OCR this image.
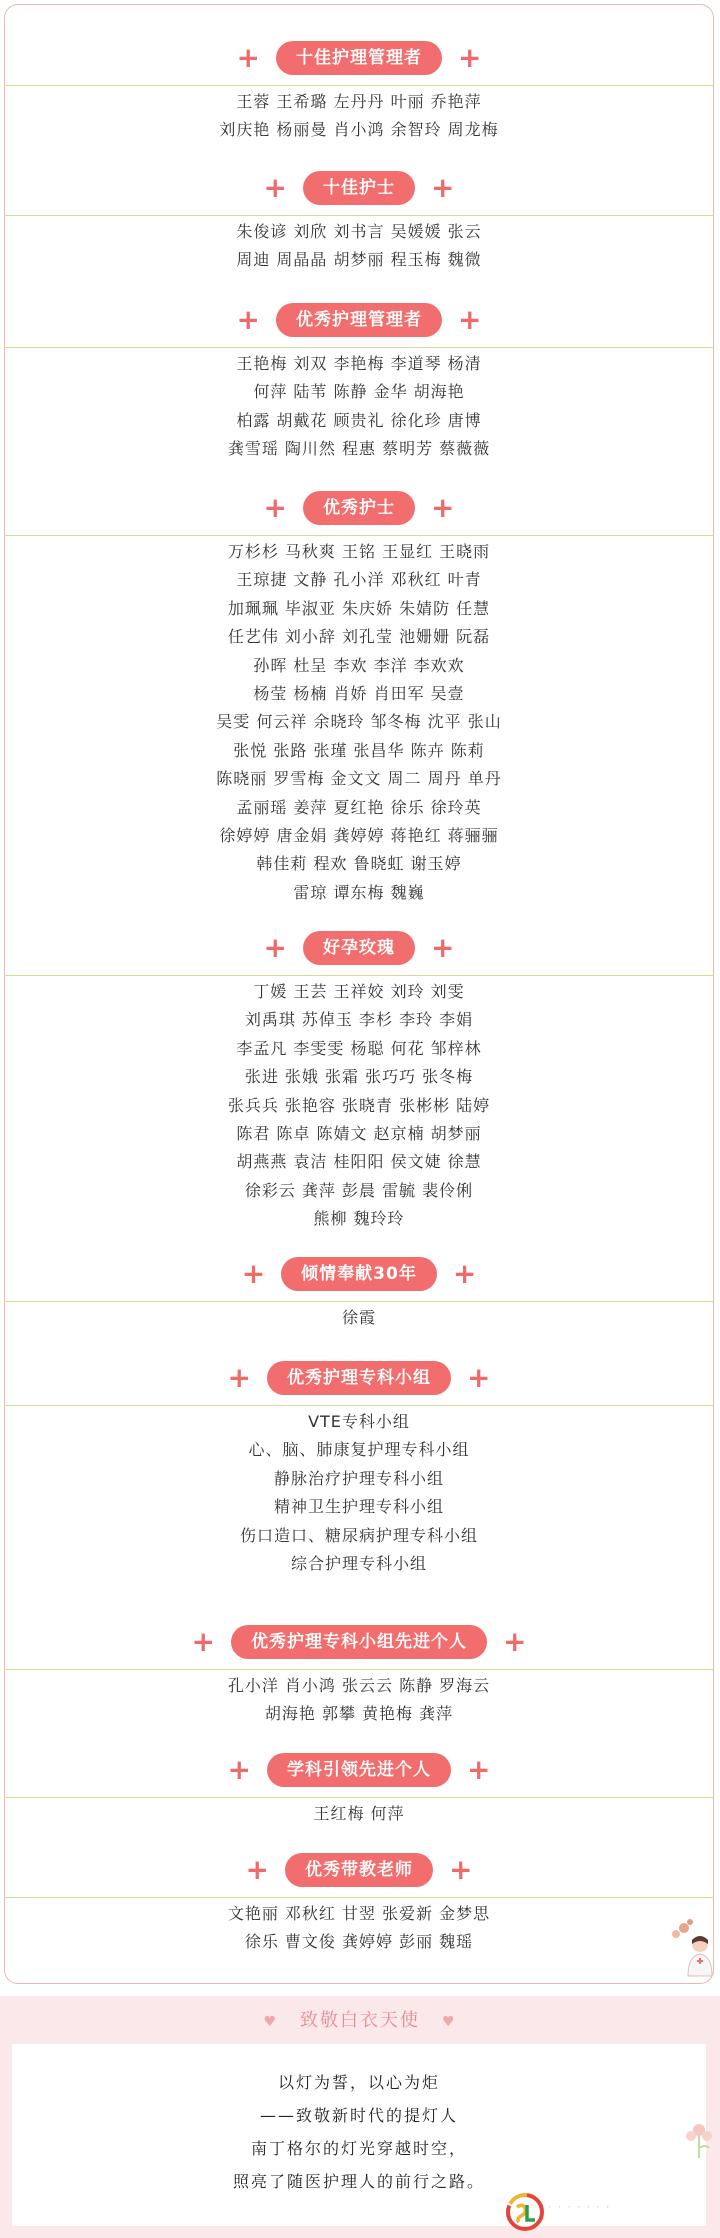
+	十佳护理管理者	+
王蓉 王希璐 左丹丹 叶丽 乔艳萍
刘庆艳 杨丽曼 肖小鸿 余智玲 周龙梅
+	十佳护士	+
朱俊谚 刘欣 刘书言 吴媛媛 张云
周迪 周晶晶 胡梦丽 程玉梅 魏微
+	优秀护理管理者	+
王艳梅 刘双 李艳梅 李道琴 杨清
何萍 陆苇 陈静 金华 胡海艳
柏露 胡戴花 顾贵礼 徐化珍 唐博
龚雪瑶 陶川然 程惠 蔡明芳 蔡薇薇
+	优秀护士	+
万杉杉 马秋爽 王铭 王显红 王晓雨
王琼捷 文静 孔小洋 邓秋红 叶青
加珮珮 毕淑亚 朱庆娇 朱婧防 任慧
任艺伟 刘小辞 刘孔莹 池姗姗 阮磊
孙晖 杜呈 李欢 李洋 李欢欢
杨莹 杨楠 肖娇 肖田军 吴壹
吴雯 何云祥 余晓玲 邹冬梅 沈平 张山
张悦 张路 张瑾 张昌华 陈卉 陈莉
陈晓丽 罗雪梅 金文文 周二 周丹 单丹
孟丽瑶 姜萍 夏红艳 徐乐 徐玲英
徐婷婷 唐金娟 龚婷婷 蒋艳红 蒋骊骊
韩佳莉 程欢 鲁晓虹 谢玉婷
雷琼 谭东梅 魏巍
+	好孕玫瑰	+
丁媛 王芸 王祥姣 刘玲 刘雯
刘禹琪 苏倬玉 李杉 李玲 李娟
李孟凡 李雯雯 杨聪 何花 邹梓林
张进 张娥 张霜 张巧巧 张冬梅
张兵兵 张艳容 张晓青 张彬彬 陆婷
陈君 陈卓 陈婧文 赵京楠 胡梦丽
胡燕燕 袁洁 桂阳阳 侯文婕 徐慧
徐彩云 龚萍 彭晨 雷毓 裴伶俐
熊柳 魏玲玲
+	倾情奉献30年	+
徐霞
+	优秀护理专科小组	+
VTE专科小组
心、脑、肺康复护理专科小组
静脉治疗护理专科小组
精神卫生护理专科小组
伤口造口、糖尿病护理专科小组
综合护理专科小组
+	优秀护理专科小组先进个人	+
孔小洋 肖小鸿 张云云 陈静 罗海云
胡海艳 郭攀 黄艳梅 龚萍
+	学科引领先进个人	+
王红梅 何萍
+	优秀带教老师	+
文艳丽 邓秋红 甘翌 张爱新 金梦思
徐乐 曹文俊 龚婷婷 彭丽 魏瑶
♥ 致敬白衣天使 ♥
以灯为誓，以心为炬
——致敬新时代的提灯人
南丁格尔的灯光穿越时空，
照亮了随医护理人的前行之路。
· · · · · · ·
